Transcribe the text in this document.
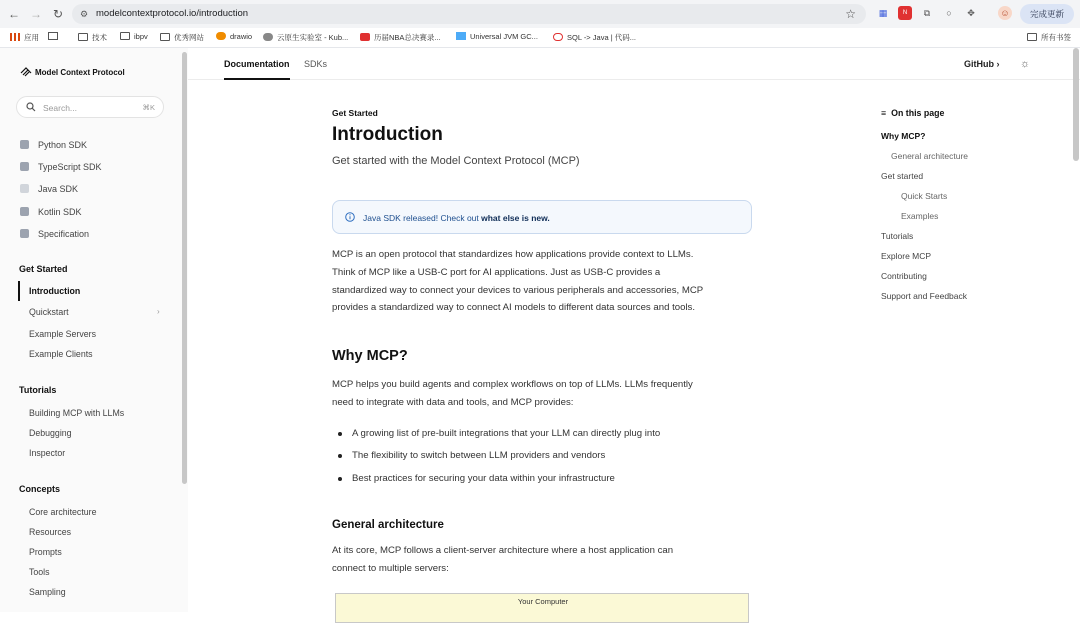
← → ↻	⚙ modelcontextprotocol.io/introduction	☆	▦	N	⧉	○	✥	☺	完成更新
应用	技术	ibpv	优秀网站	drawio	云原生实验室 - Kub...	历届NBA总决赛录...	Universal JVM GC...	SQL -> Java | 代码...	所有书签
Model Context Protocol
Search...	⌘K
Python SDK
TypeScript SDK
Java SDK
Kotlin SDK
Specification
Get Started
Introduction
Quickstart	›
Example Servers
Example Clients
Tutorials
Building MCP with LLMs
Debugging
Inspector
Concepts
Core architecture
Resources
Prompts
Tools
Sampling
Documentation SDKs	GitHub › ☼
Get Started
Introduction
Get started with the Model Context Protocol (MCP)
Java SDK released! Check out what else is new.
MCP is an open protocol that standardizes how applications provide context to LLMs.
Think of MCP like a USB-C port for AI applications. Just as USB-C provides a
standardized way to connect your devices to various peripherals and accessories, MCP
provides a standardized way to connect AI models to different data sources and tools.
Why MCP?
MCP helps you build agents and complex workflows on top of LLMs. LLMs frequently
need to integrate with data and tools, and MCP provides:
A growing list of pre-built integrations that your LLM can directly plug into
The flexibility to switch between LLM providers and vendors
Best practices for securing your data within your infrastructure
General architecture
At its core, MCP follows a client-server architecture where a host application can
connect to multiple servers:
Your Computer
≡ On this page
Why MCP?
General architecture
Get started
Quick Starts
Examples
Tutorials
Explore MCP
Contributing
Support and Feedback
